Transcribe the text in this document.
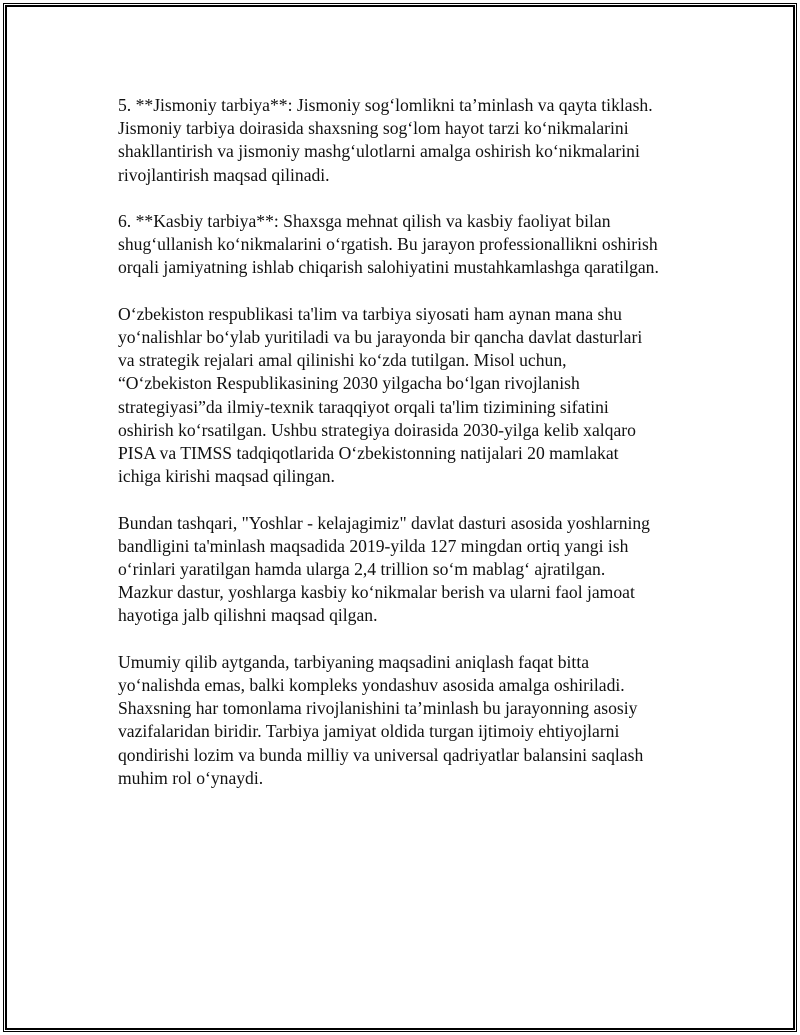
5. **Jismoniy tarbiya**: Jismoniy sog‘lomlikni ta’minlash va qayta tiklash.
Jismoniy tarbiya doirasida shaxsning sog‘lom hayot tarzi ko‘nikmalarini
shakllantirish va jismoniy mashg‘ulotlarni amalga oshirish ko‘nikmalarini
rivojlantirish maqsad qilinadi.

6. **Kasbiy tarbiya**: Shaxsga mehnat qilish va kasbiy faoliyat bilan
shug‘ullanish ko‘nikmalarini o‘rgatish. Bu jarayon professionallikni oshirish
orqali jamiyatning ishlab chiqarish salohiyatini mustahkamlashga qaratilgan.

O‘zbekiston respublikasi ta'lim va tarbiya siyosati ham aynan mana shu
yo‘nalishlar bo‘ylab yuritiladi va bu jarayonda bir qancha davlat dasturlari
va strategik rejalari amal qilinishi ko‘zda tutilgan. Misol uchun,
“O‘zbekiston Respublikasining 2030 yilgacha bo‘lgan rivojlanish
strategiyasi”da ilmiy-texnik taraqqiyot orqali ta'lim tizimining sifatini
oshirish ko‘rsatilgan. Ushbu strategiya doirasida 2030-yilga kelib xalqaro
PISA va TIMSS tadqiqotlarida O‘zbekistonning natijalari 20 mamlakat
ichiga kirishi maqsad qilingan.

Bundan tashqari, "Yoshlar - kelajagimiz" davlat dasturi asosida yoshlarning
bandligini ta'minlash maqsadida 2019-yilda 127 mingdan ortiq yangi ish
o‘rinlari yaratilgan hamda ularga 2,4 trillion so‘m mablag‘ ajratilgan.
Mazkur dastur, yoshlarga kasbiy ko‘nikmalar berish va ularni faol jamoat
hayotiga jalb qilishni maqsad qilgan.

Umumiy qilib aytganda, tarbiyaning maqsadini aniqlash faqat bitta
yo‘nalishda emas, balki kompleks yondashuv asosida amalga oshiriladi.
Shaxsning har tomonlama rivojlanishini ta’minlash bu jarayonning asosiy
vazifalaridan biridir. Tarbiya jamiyat oldida turgan ijtimoiy ehtiyojlarni
qondirishi lozim va bunda milliy va universal qadriyatlar balansini saqlash
muhim rol o‘ynaydi.
